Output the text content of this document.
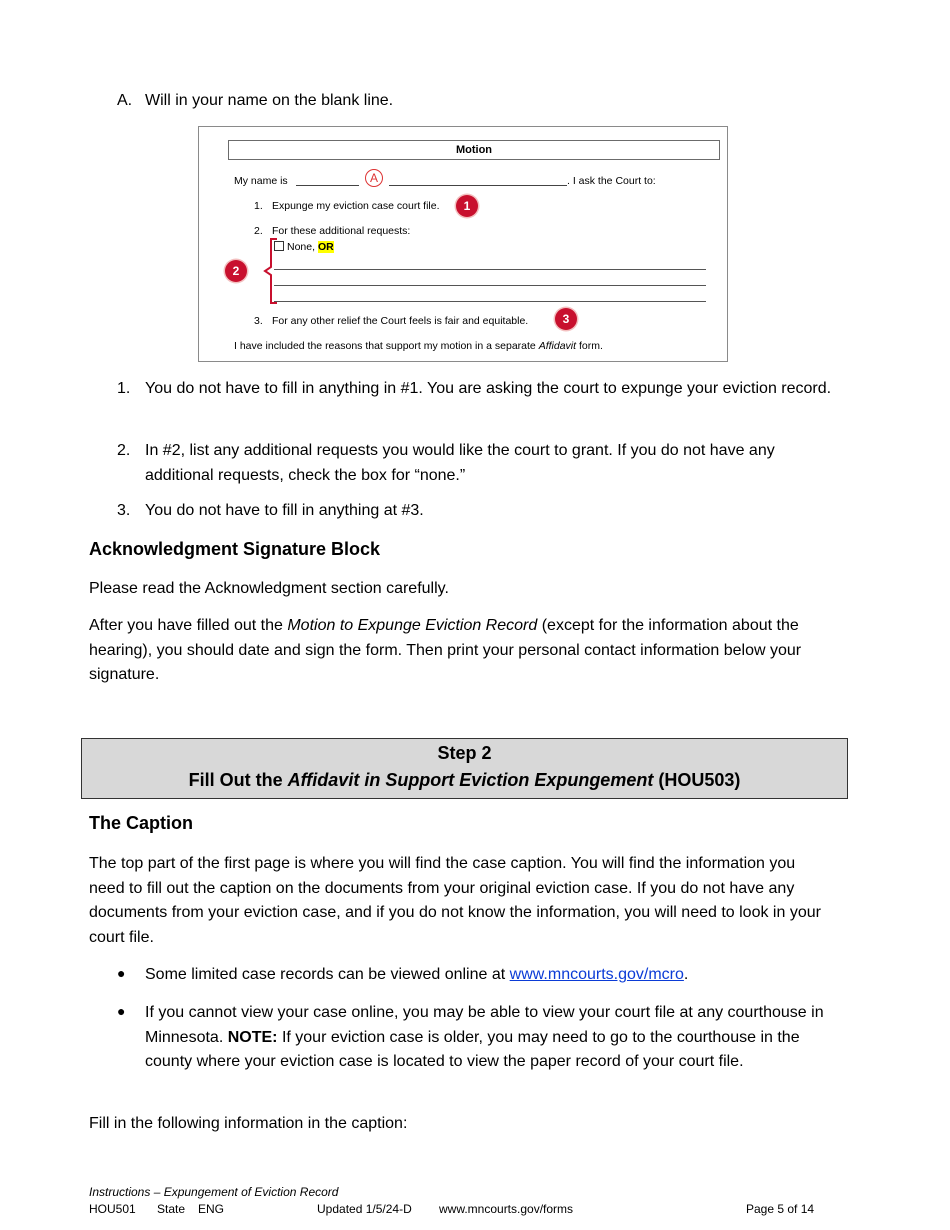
A. Will in your name on the blank line.
Motion
My name is	A	. I ask the Court to:
1. Expunge my eviction case court file.	1
2. For these additional requests:
None, OR
2
3. For any other relief the Court feels is fair and equitable.	3
I have included the reasons that support my motion in a separate Affidavit form.
1. You do not have to fill in anything in #1. You are asking the court to expunge your eviction record.
2. In #2, list any additional requests you would like the court to grant. If you do not have any additional requests, check the box for “none.”
3. You do not have to fill in anything at #3.
Acknowledgment Signature Block
Please read the Acknowledgment section carefully.
After you have filled out the Motion to Expunge Eviction Record (except for the information about the hearing), you should date and sign the form. Then print your personal contact information below your signature.
Step 2
Fill Out the Affidavit in Support Eviction Expungement (HOU503)
The Caption
The top part of the first page is where you will find the case caption. You will find the information you need to fill out the caption on the documents from your original eviction case. If you do not have any documents from your eviction case, and if you do not know the information, you will need to look in your court file.
● Some limited case records can be viewed online at www.mncourts.gov/mcro.
● If you cannot view your case online, you may be able to view your court file at any courthouse in Minnesota. NOTE: If your eviction case is older, you may need to go to the courthouse in the county where your eviction case is located to view the paper record of your court file.
Fill in the following information in the caption:
Instructions – Expungement of Eviction Record
HOU501 State ENG	Updated 1/5/24-D www.mncourts.gov/forms	Page 5 of 14
